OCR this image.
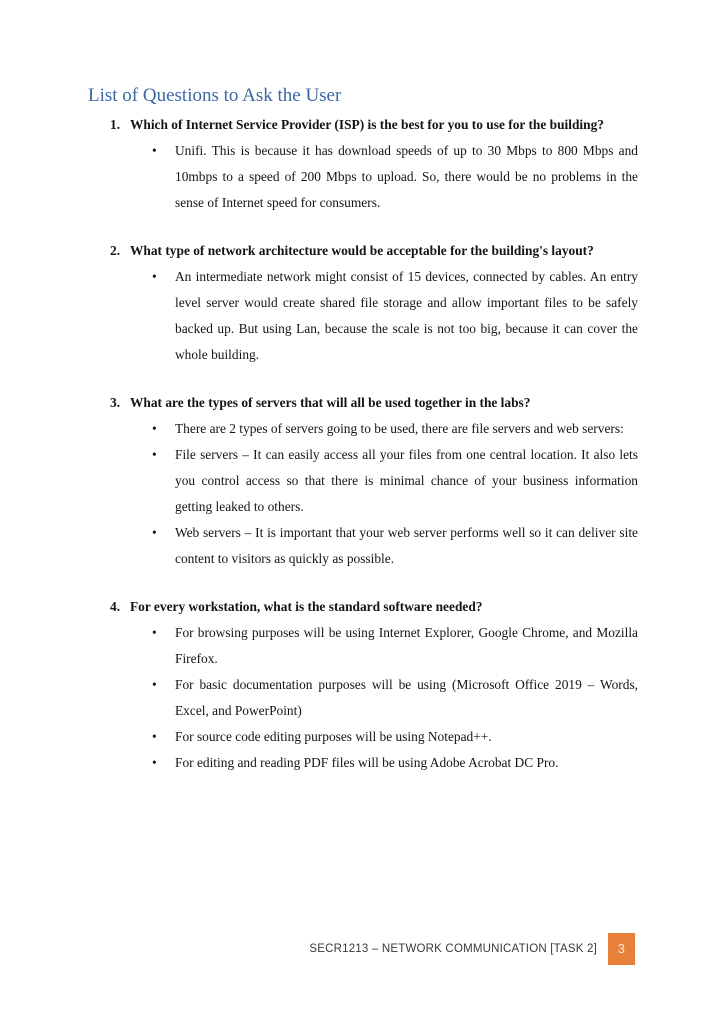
List of Questions to Ask the User
1. Which of Internet Service Provider (ISP) is the best for you to use for the building?
•	Unifi. This is because it has download speeds of up to 30 Mbps to 800 Mbps and 10mbps to a speed of 200 Mbps to upload. So, there would be no problems in the sense of Internet speed for consumers.
2. What type of network architecture would be acceptable for the building's layout?
•	An intermediate network might consist of 15 devices, connected by cables. An entry level server would create shared file storage and allow important files to be safely backed up. But using Lan, because the scale is not too big, because it can cover the whole building.
3. What are the types of servers that will all be used together in the labs?
•	There are 2 types of servers going to be used, there are file servers and web servers:
•	File servers – It can easily access all your files from one central location. It also lets you control access so that there is minimal chance of your business information getting leaked to others.
•	Web servers – It is important that your web server performs well so it can deliver site content to visitors as quickly as possible.
4. For every workstation, what is the standard software needed?
•	For browsing purposes will be using Internet Explorer, Google Chrome, and Mozilla Firefox.
•	For basic documentation purposes will be using (Microsoft Office 2019 – Words, Excel, and PowerPoint)
•	For source code editing purposes will be using Notepad++.
•	For editing and reading PDF files will be using Adobe Acrobat DC Pro.
SECR1213 – NETWORK COMMUNICATION [TASK 2]	3
